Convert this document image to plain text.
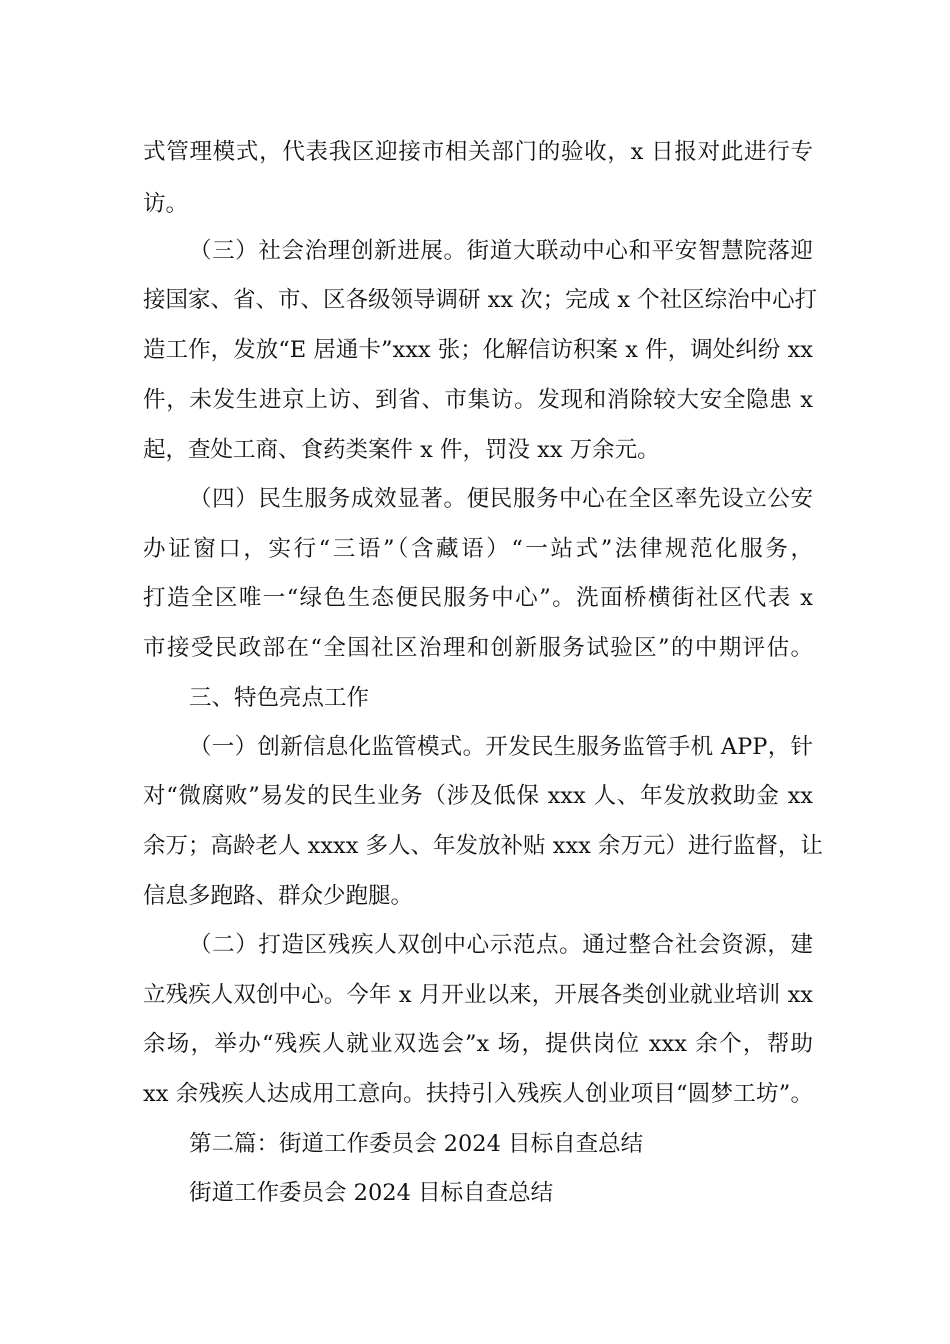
式管理模式，代表我区迎接市相关部门的验收，x 日报对此进行专

访。

（三）社会治理创新进展。街道大联动中心和平安智慧院落迎

接国家、省、市、区各级领导调研 xx 次；完成 x 个社区综治中心打

造工作，发放“E 居通卡”xxx 张；化解信访积案 x 件，调处纠纷 xx

件，未发生进京上访、到省、市集访。发现和消除较大安全隐患 x

起，查处工商、食药类案件 x 件，罚没 xx 万余元。

（四）民生服务成效显著。便民服务中心在全区率先设立公安

办证窗口，实行“三语”（含藏语）“一站式”法律规范化服务，

打造全区唯一“绿色生态便民服务中心”。洗面桥横街社区代表 x

市接受民政部在“全国社区治理和创新服务试验区”的中期评估。

三、特色亮点工作

（一）创新信息化监管模式。开发民生服务监管手机 APP，针

对“微腐败”易发的民生业务（涉及低保 xxx 人、年发放救助金 xx

余万；高龄老人 xxxx 多人、年发放补贴 xxx 余万元）进行监督，让

信息多跑路、群众少跑腿。

（二）打造区残疾人双创中心示范点。通过整合社会资源，建

立残疾人双创中心。今年 x 月开业以来，开展各类创业就业培训 xx

余场，举办“残疾人就业双选会”x 场，提供岗位 xxx 余个，帮助

xx 余残疾人达成用工意向。扶持引入残疾人创业项目“圆梦工坊”。

第二篇：街道工作委员会 2024 目标自查总结

街道工作委员会 2024 目标自查总结
